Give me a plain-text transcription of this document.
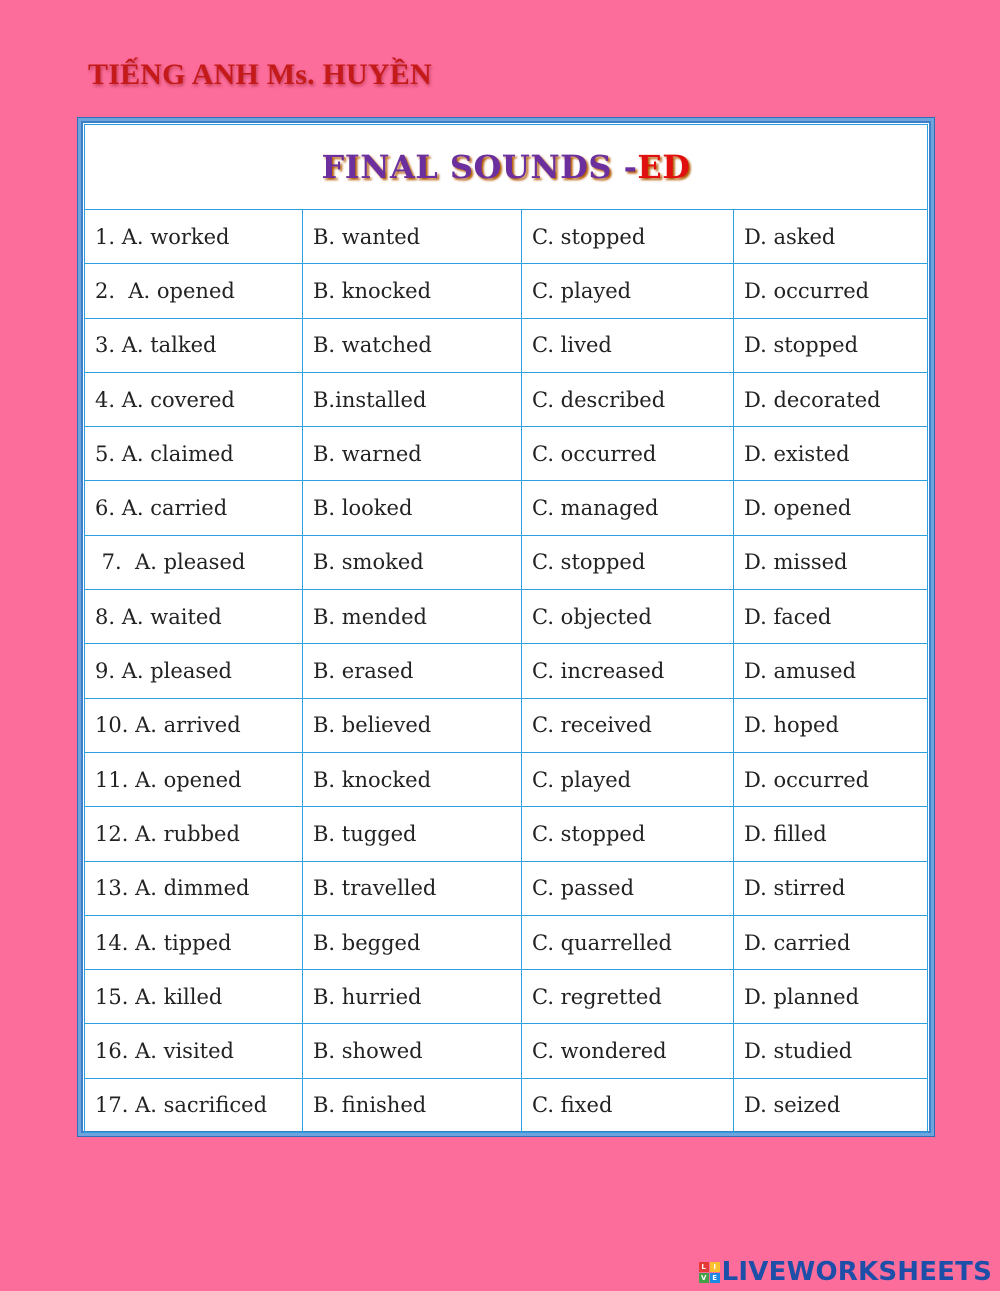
TIẾNG ANH Ms. HUYỀN
FINAL SOUNDS -ED			
1. A. worked	B. wanted	C. stopped	D. asked
2.  A. opened	B. knocked	C. played	D. occurred
3. A. talked	B. watched	C. lived	D. stopped
4. A. covered	B.installed	C. described	D. decorated
5. A. claimed	B. warned	C. occurred	D. existed
6. A. carried	B. looked	C. managed	D. opened
7.  A. pleased	B. smoked	C. stopped	D. missed
8. A. waited	B. mended	C. objected	D. faced
9. A. pleased	B. erased	C. increased	D. amused
10. A. arrived	B. believed	C. received	D. hoped
11. A. opened	B. knocked	C. played	D. occurred
12. A. rubbed	B. tugged	C. stopped	D. filled
13. A. dimmed	B. travelled	C. passed	D. stirred
14. A. tipped	B. begged	C. quarrelled	D. carried
15. A. killed	B. hurried	C. regretted	D. planned
16. A. visited	B. showed	C. wondered	D. studied
17. A. sacrificed	B. finished	C. fixed	D. seized
L	I
V E LIVEWORKSHEETS
